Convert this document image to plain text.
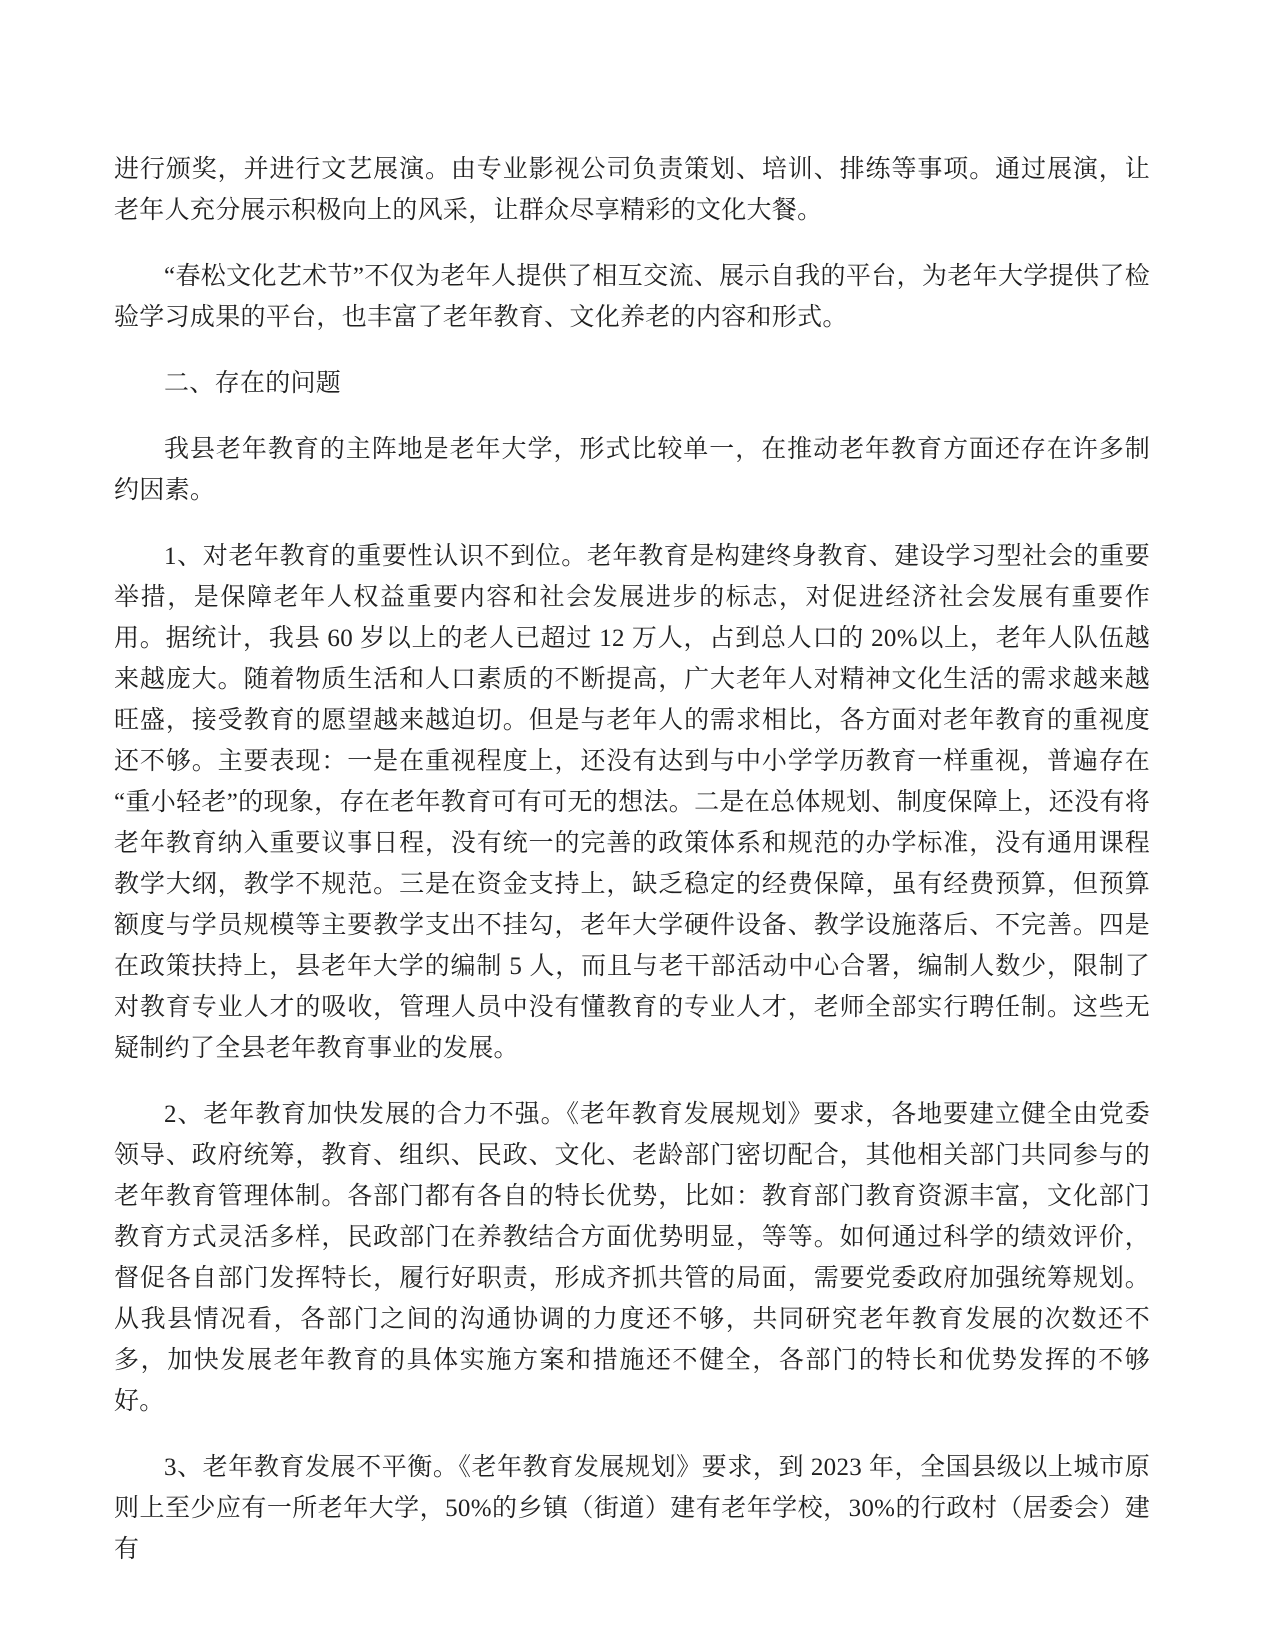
进行颁奖，并进行文艺展演。由专业影视公司负责策划、培训、排练等事项。通过展演，让老年人充分展示积极向上的风采，让群众尽享精彩的文化大餐。

“春松文化艺术节”不仅为老年人提供了相互交流、展示自我的平台，为老年大学提供了检验学习成果的平台，也丰富了老年教育、文化养老的内容和形式。

二、存在的问题

我县老年教育的主阵地是老年大学，形式比较单一，在推动老年教育方面还存在许多制约因素。

1、对老年教育的重要性认识不到位。老年教育是构建终身教育、建设学习型社会的重要举措，是保障老年人权益重要内容和社会发展进步的标志，对促进经济社会发展有重要作用。据统计，我县 60 岁以上的老人已超过 12 万人，占到总人口的 20%以上，老年人队伍越来越庞大。随着物质生活和人口素质的不断提高，广大老年人对精神文化生活的需求越来越旺盛，接受教育的愿望越来越迫切。但是与老年人的需求相比，各方面对老年教育的重视度还不够。主要表现：一是在重视程度上，还没有达到与中小学学历教育一样重视，普遍存在“重小轻老”的现象，存在老年教育可有可无的想法。二是在总体规划、制度保障上，还没有将老年教育纳入重要议事日程，没有统一的完善的政策体系和规范的办学标准，没有通用课程教学大纲，教学不规范。三是在资金支持上，缺乏稳定的经费保障，虽有经费预算，但预算额度与学员规模等主要教学支出不挂勾，老年大学硬件设备、教学设施落后、不完善。四是在政策扶持上，县老年大学的编制 5 人，而且与老干部活动中心合署，编制人数少，限制了对教育专业人才的吸收，管理人员中没有懂教育的专业人才，老师全部实行聘任制。这些无疑制约了全县老年教育事业的发展。

2、老年教育加快发展的合力不强。《老年教育发展规划》要求，各地要建立健全由党委领导、政府统筹，教育、组织、民政、文化、老龄部门密切配合，其他相关部门共同参与的老年教育管理体制。各部门都有各自的特长优势，比如：教育部门教育资源丰富，文化部门教育方式灵活多样，民政部门在养教结合方面优势明显，等等。如何通过科学的绩效评价，督促各自部门发挥特长，履行好职责，形成齐抓共管的局面，需要党委政府加强统筹规划。从我县情况看，各部门之间的沟通协调的力度还不够，共同研究老年教育发展的次数还不多，加快发展老年教育的具体实施方案和措施还不健全，各部门的特长和优势发挥的不够好。

3、老年教育发展不平衡。《老年教育发展规划》要求，到 2023 年，全国县级以上城市原则上至少应有一所老年大学，50%的乡镇（街道）建有老年学校，30%的行政村（居委会）建有
